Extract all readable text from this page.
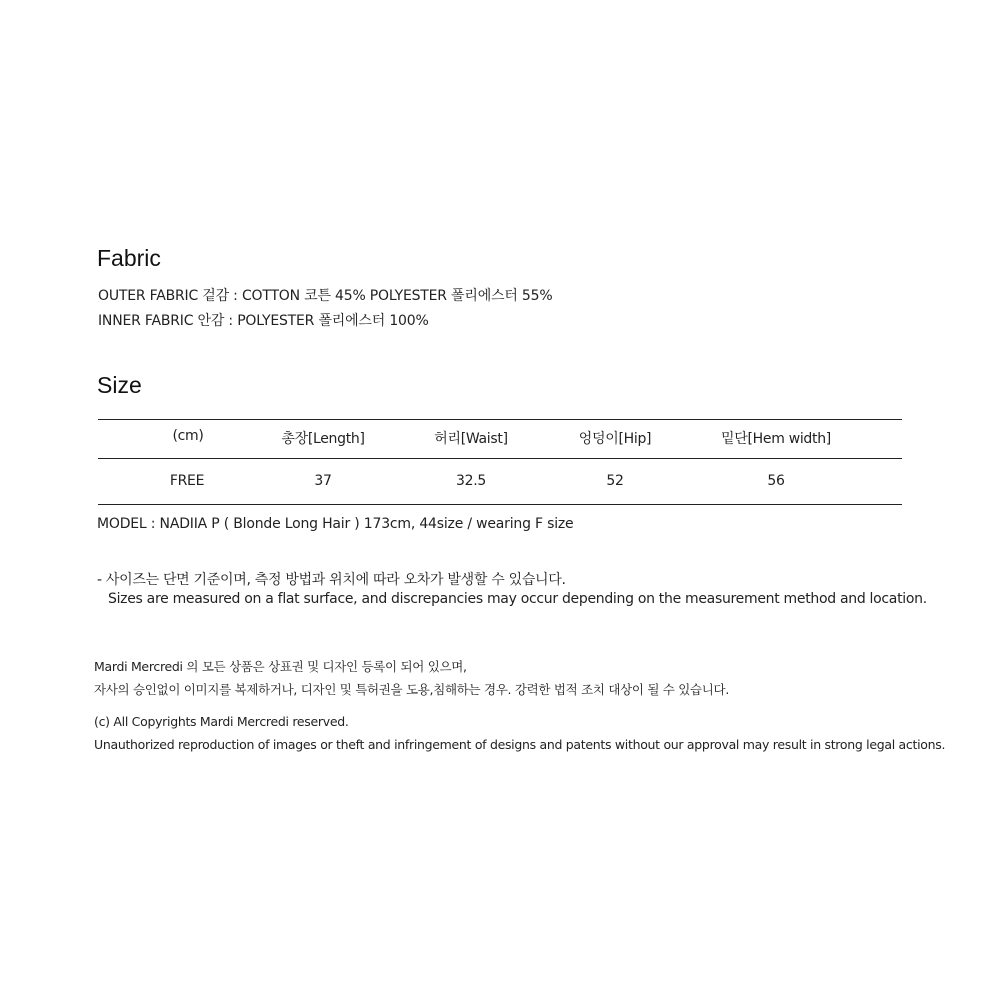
Fabric
OUTER FABRIC 겉감 : COTTON 코튼 45% POLYESTER 폴리에스터 55%
INNER FABRIC 안감 : POLYESTER 폴리에스터 100%
Size
(cm)	총장[Length]	허리[Waist]	엉덩이[Hip]	밑단[Hem width]
FREE	37	32.5	52	56
MODEL : NADIIA P ( Blonde Long Hair ) 173cm, 44size / wearing F size
- 사이즈는 단면 기준이며, 측정 방법과 위치에 따라 오차가 발생할 수 있습니다.
Sizes are measured on a flat surface, and discrepancies may occur depending on the measurement method and location.
Mardi Mercredi 의 모든 상품은 상표권 및 디자인 등록이 되어 있으며,
자사의 승인없이 이미지를 복제하거나, 디자인 및 특허권을 도용,침해하는 경우. 강력한 법적 조치 대상이 될 수 있습니다.
(c) All Copyrights Mardi Mercredi reserved.
Unauthorized reproduction of images or theft and infringement of designs and patents without our approval may result in strong legal actions.
